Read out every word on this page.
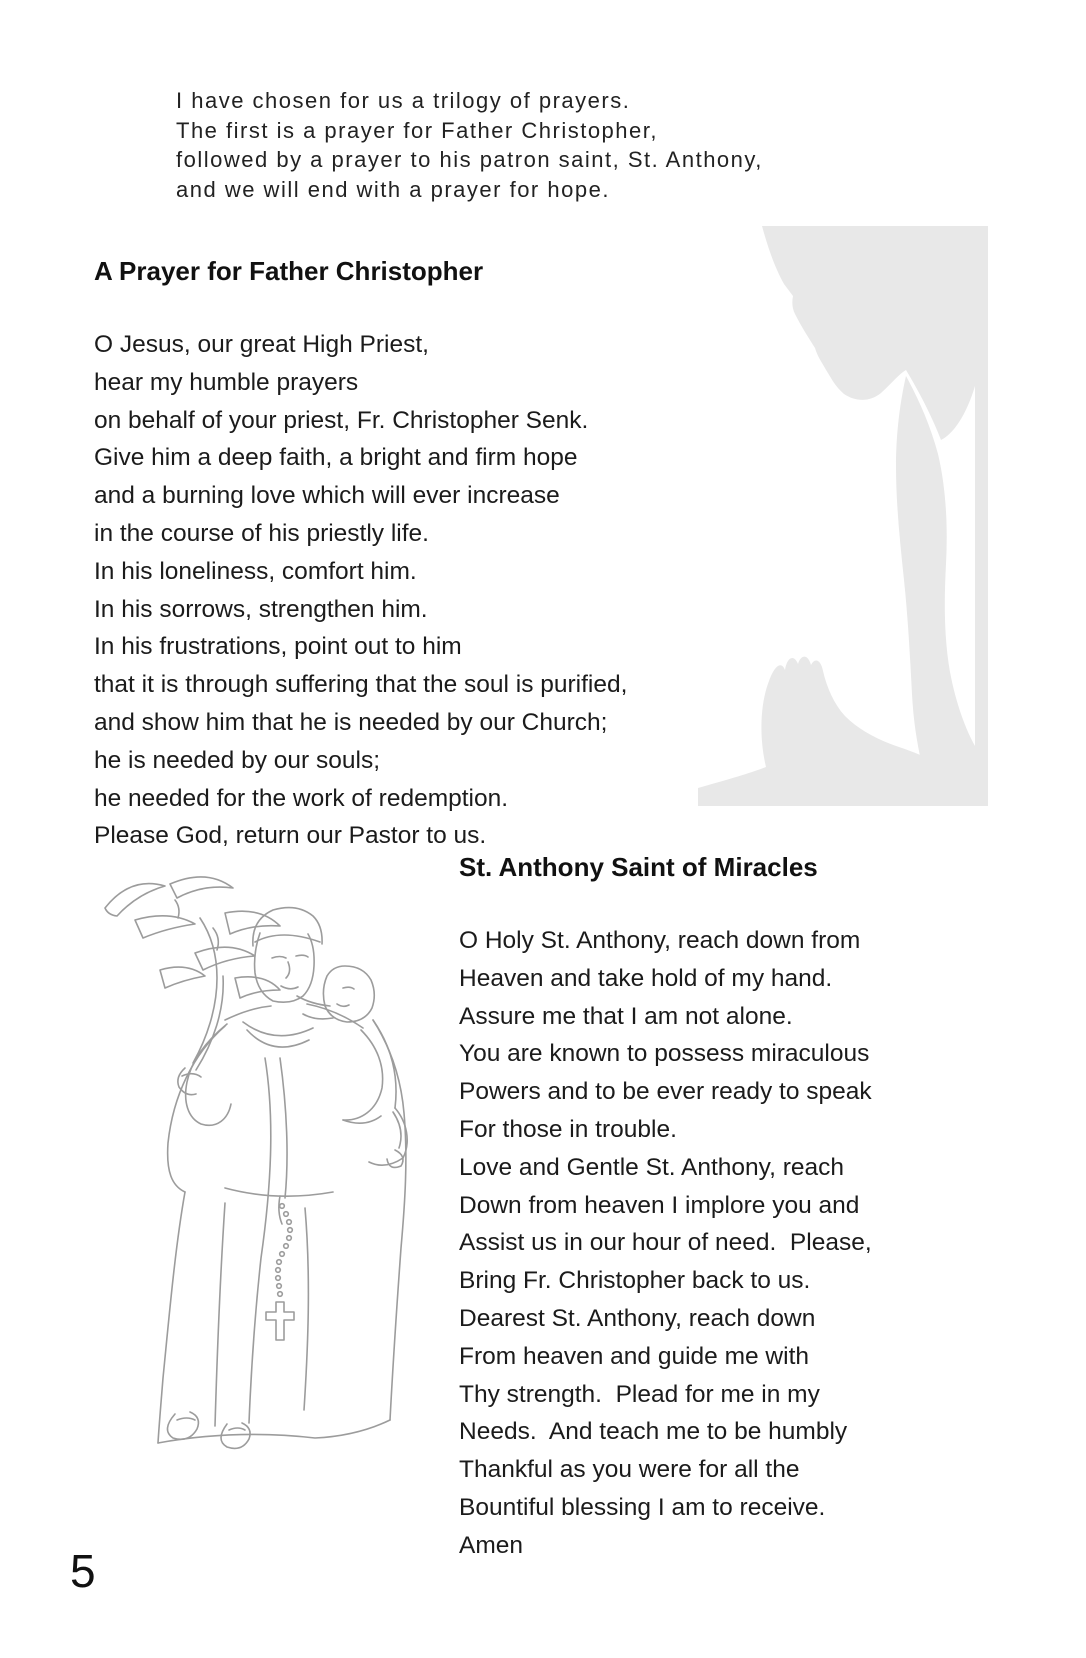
I have chosen for us a trilogy of prayers.
The first is a prayer for Father Christopher,
followed by a prayer to his patron saint, St. Anthony,
and we will end with a prayer for hope.

A Prayer for Father Christopher

O Jesus, our great High Priest,
hear my humble prayers
on behalf of your priest, Fr. Christopher Senk.
Give him a deep faith, a bright and firm hope
and a burning love which will ever increase
in the course of his priestly life.
In his loneliness, comfort him.
In his sorrows, strengthen him.
In his frustrations, point out to him
that it is through suffering that the soul is purified,
and show him that he is needed by our Church;
he is needed by our souls;
he needed for the work of redemption.
Please God, return our Pastor to us.

St. Anthony Saint of Miracles

O Holy St. Anthony, reach down from
Heaven and take hold of my hand.
Assure me that I am not alone.
You are known to possess miraculous
Powers and to be ever ready to speak
For those in trouble.
Love and Gentle St. Anthony, reach
Down from heaven I implore you and
Assist us in our hour of need.  Please,
Bring Fr. Christopher back to us.
Dearest St. Anthony, reach down
From heaven and guide me with
Thy strength.  Plead for me in my
Needs.  And teach me to be humbly
Thankful as you were for all the
Bountiful blessing I am to receive.
Amen

5
